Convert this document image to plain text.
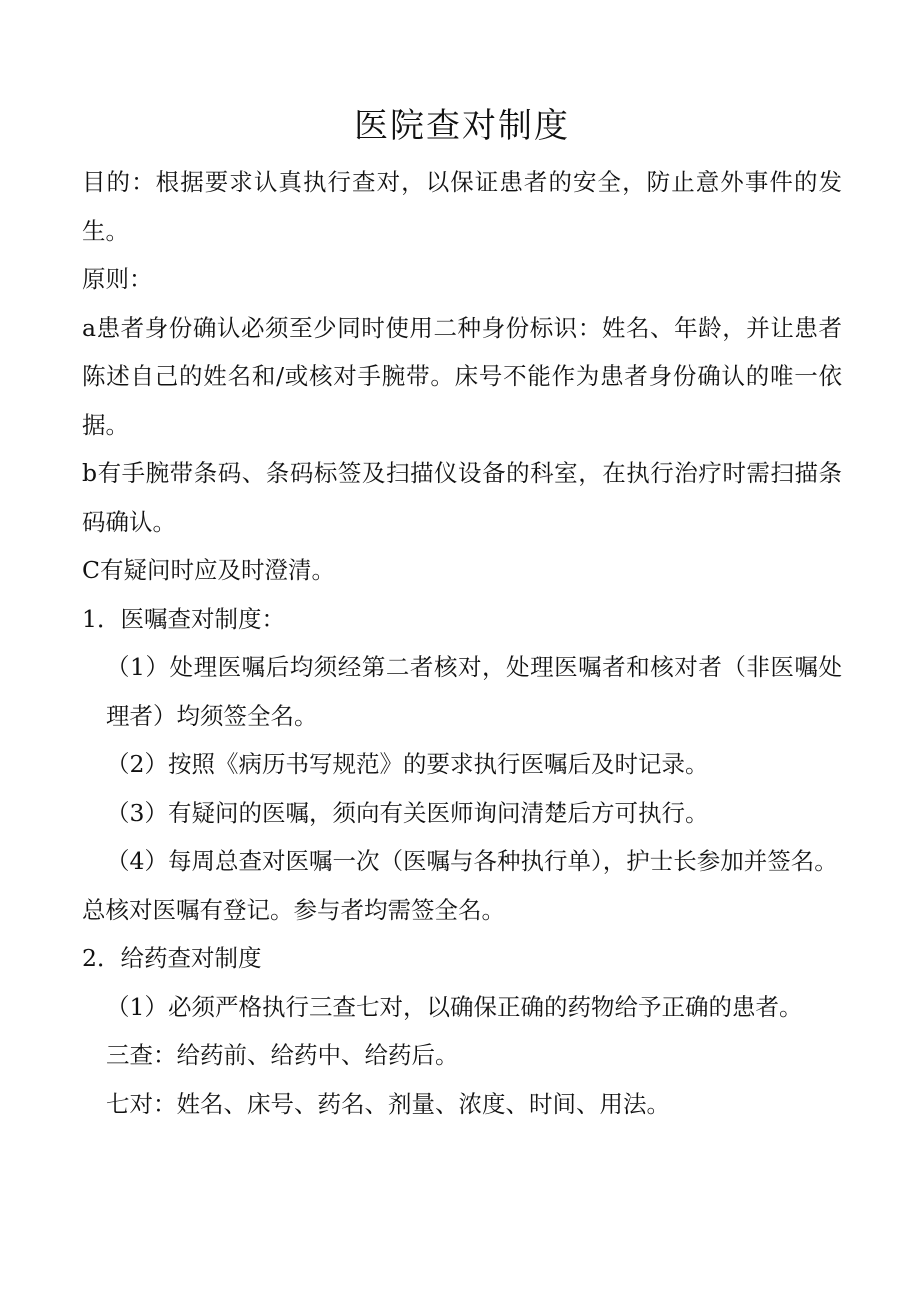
医院查对制度

目的：根据要求认真执行查对，以保证患者的安全，防止意外事件的发生。

原则：

a患者身份确认必须至少同时使用二种身份标识：姓名、年龄，并让患者陈述自己的姓名和/或核对手腕带。床号不能作为患者身份确认的唯一依据。

b有手腕带条码、条码标签及扫描仪设备的科室，在执行治疗时需扫描条码确认。

C有疑问时应及时澄清。

1．医嘱查对制度：

（1）处理医嘱后均须经第二者核对，处理医嘱者和核对者（非医嘱处理者）均须签全名。

（2）按照《病历书写规范》的要求执行医嘱后及时记录。

（3）有疑问的医嘱，须向有关医师询问清楚后方可执行。

（4）每周总查对医嘱一次（医嘱与各种执行单），护士长参加并签名。

总核对医嘱有登记。参与者均需签全名。

2．给药查对制度

（1）必须严格执行三查七对，以确保正确的药物给予正确的患者。

三查：给药前、给药中、给药后。

七对：姓名、床号、药名、剂量、浓度、时间、用法。
